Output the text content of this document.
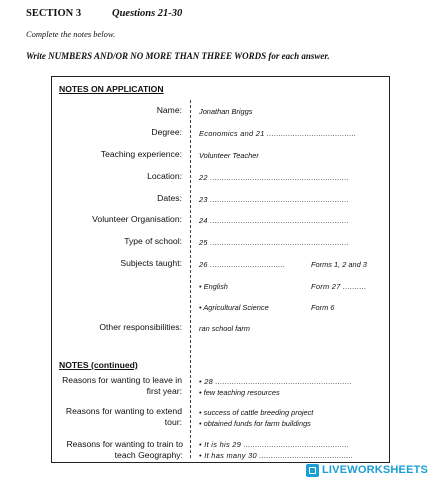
SECTION 3	Questions 21-30
Complete the notes below.
Write NUMBERS AND/OR NO MORE THAN THREE WORDS for each answer.
NOTES ON APPLICATION
Name: Jonathan Briggs
Degree: Economics and 21 ......................................
Teaching experience: Volunteer Teacher
Location: 22 ...........................................................
Dates: 23 ...........................................................
Volunteer Organisation: 24 ...........................................................
Type of school: 25 ...........................................................
Subjects taught: 26 ................................	Forms 1, 2 and 3
• English	Form 27 ..........
• Agricultural Science	Form 6
Other responsibilities: ran school farm
NOTES (continued)
Reasons for wanting to leave in first year:
• 28 ..........................................................
• few teaching resources
Reasons for wanting to extend tour:
• success of cattle breeding project
• obtained funds for farm buildings
Reasons for wanting to train to teach Geography:
• It is his 29 .............................................
• It has many 30 ........................................
LIVEWORKSHEETS
